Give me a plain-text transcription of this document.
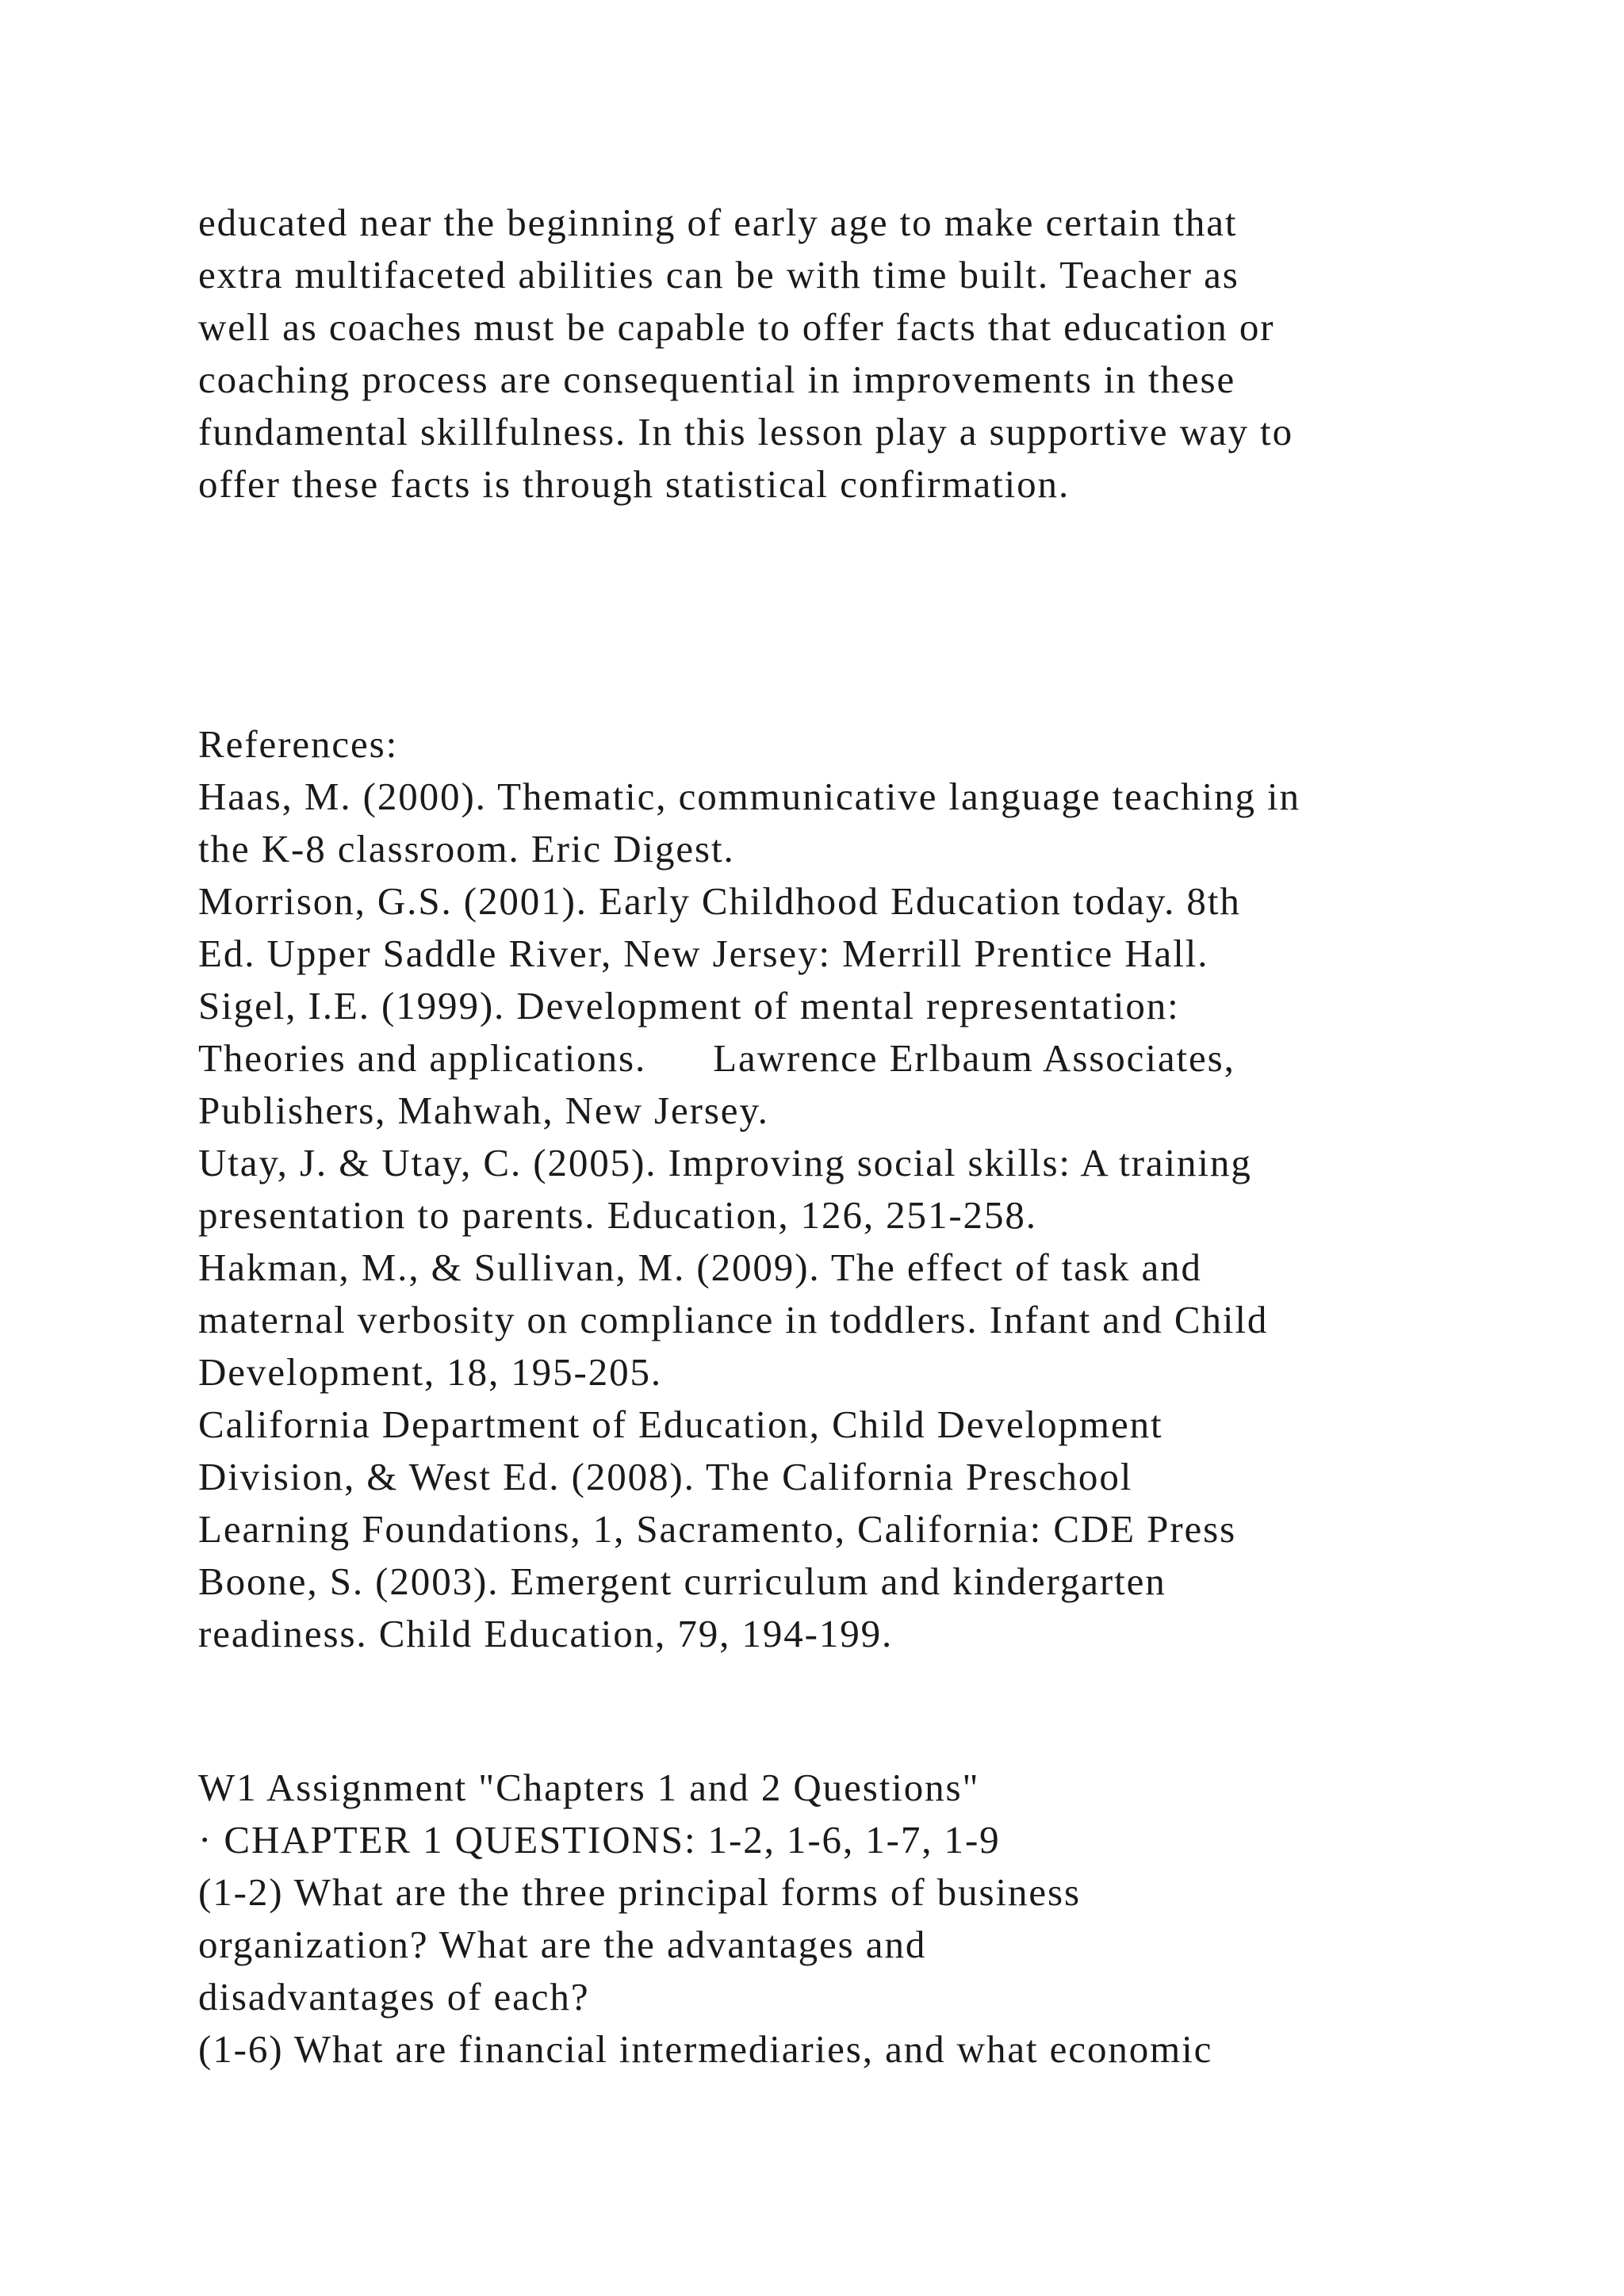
educated near the beginning of early age to make certain that

extra multifaceted abilities can be with time built. Teacher as

well as coaches must be capable to offer facts that education or

coaching process are consequential in improvements in these

fundamental skillfulness. In this lesson play a supportive way to

offer these facts is through statistical confirmation.

References:

Haas, M. (2000). Thematic, communicative language teaching in

the K-8 classroom. Eric Digest.

Morrison, G.S. (2001). Early Childhood Education today. 8th

Ed. Upper Saddle River, New Jersey: Merrill Prentice Hall.

Sigel, I.E. (1999). Development of mental representation:

Theories and applications. Lawrence Erlbaum Associates,

Publishers, Mahwah, New Jersey.

Utay, J. & Utay, C. (2005). Improving social skills: A training

presentation to parents. Education, 126, 251-258.

Hakman, M., & Sullivan, M. (2009). The effect of task and

maternal verbosity on compliance in toddlers. Infant and Child

Development, 18, 195-205.

California Department of Education, Child Development

Division, & West Ed. (2008). The California Preschool

Learning Foundations, 1, Sacramento, California: CDE Press

Boone, S. (2003). Emergent curriculum and kindergarten

readiness. Child Education, 79, 194-199.

W1 Assignment "Chapters 1 and 2 Questions"

· CHAPTER 1 QUESTIONS: 1-2, 1-6, 1-7, 1-9

(1-2) What are the three principal forms of business

organization? What are the advantages and

disadvantages of each?

(1-6) What are financial intermediaries, and what economic
